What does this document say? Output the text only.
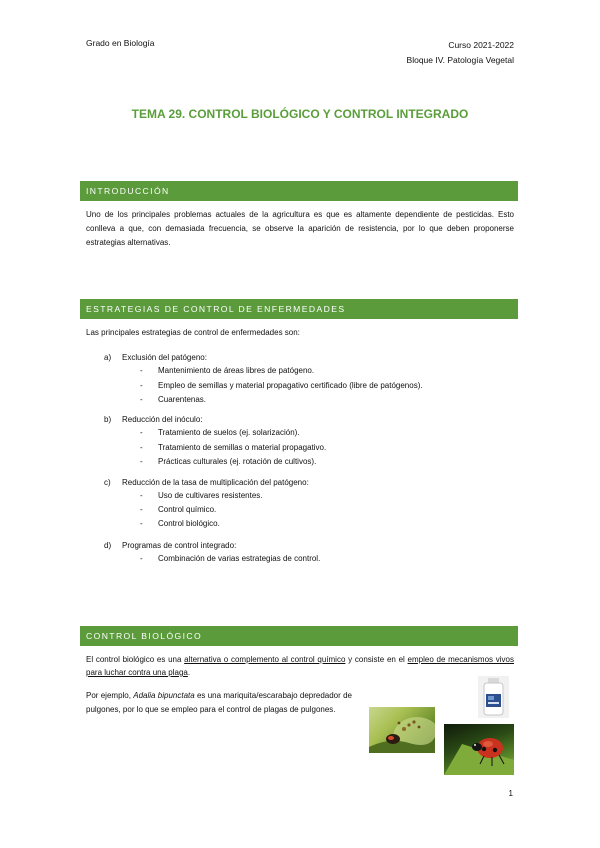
Grado en Biología	Curso 2021-2022
Bloque IV. Patología Vegetal
TEMA 29. CONTROL BIOLÓGICO Y CONTROL INTEGRADO
INTRODUCCIÓN
Uno de los principales problemas actuales de la agricultura es que es altamente dependiente de pesticidas. Esto conlleva a que, con demasiada frecuencia, se observe la aparición de resistencia, por lo que deben proponerse estrategias alternativas.
ESTRATEGIAS DE CONTROL DE ENFERMEDADES
Las principales estrategias de control de enfermedades son:
a) Exclusión del patógeno:
- Mantenimiento de áreas libres de patógeno.
- Empleo de semillas y material propagativo certificado (libre de patógenos).
- Cuarentenas.
b) Reducción del inóculo:
- Tratamiento de suelos (ej. solarización).
- Tratamiento de semillas o material propagativo.
- Prácticas culturales (ej. rotación de cultivos).
c) Reducción de la tasa de multiplicación del patógeno:
- Uso de cultivares resistentes.
- Control químico.
- Control biológico.
d) Programas de control integrado:
- Combinación de varias estrategias de control.
CONTROL BIOLÓGICO
El control biológico es una alternativa o complemento al control químico y consiste en el empleo de mecanismos vivos para luchar contra una plaga.
Por ejemplo, Adalia bipunctata es una mariquita/escarabajo depredador de pulgones, por lo que se empleo para el control de plagas de pulgones.
1
